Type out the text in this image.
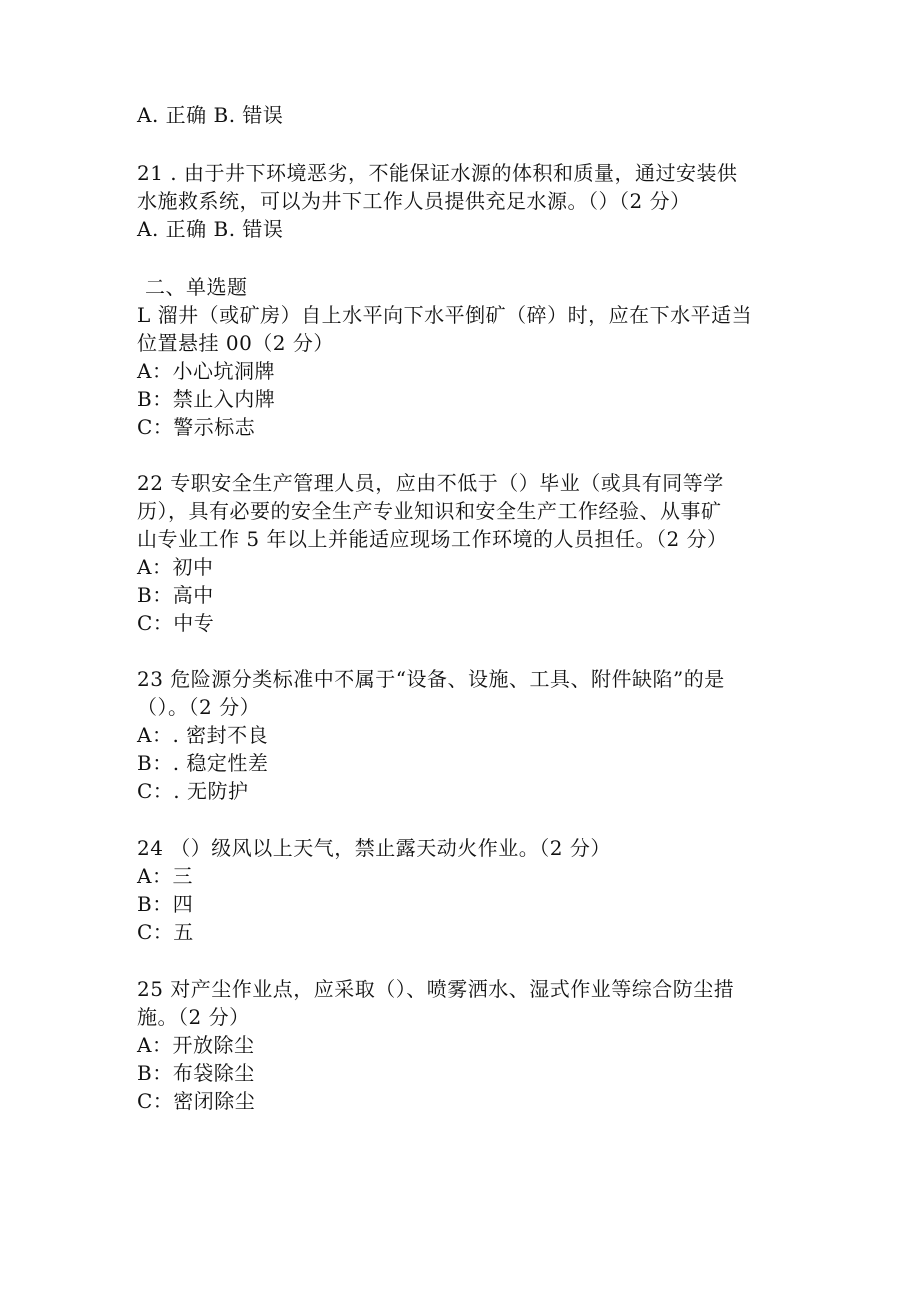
A. 正确 B. 错误
21 . 由于井下环境恶劣，不能保证水源的体积和质量，通过安装供
水施救系统，可以为井下工作人员提供充足水源。（）（2 分）
A. 正确 B. 错误
二、单选题
L 溜井（或矿房）自上水平向下水平倒矿（碎）时，应在下水平适当
位置悬挂 00（2 分）
A：小心坑洞牌
B：禁止入内牌
C：警示标志
22 专职安全生产管理人员，应由不低于（）毕业（或具有同等学
历），具有必要的安全生产专业知识和安全生产工作经验、从事矿
山专业工作 5 年以上并能适应现场工作环境的人员担任。（2 分）
A：初中
B：高中
C：中专
23 危险源分类标准中不属于“设备、设施、工具、附件缺陷”的是
（）。（2 分）
A：. 密封不良
B：. 稳定性差
C：. 无防护
24 （）级风以上天气，禁止露天动火作业。（2 分）
A：三
B：四
C：五
25 对产尘作业点，应采取（）、喷雾洒水、湿式作业等综合防尘措
施。（2 分）
A：开放除尘
B：布袋除尘
C：密闭除尘
